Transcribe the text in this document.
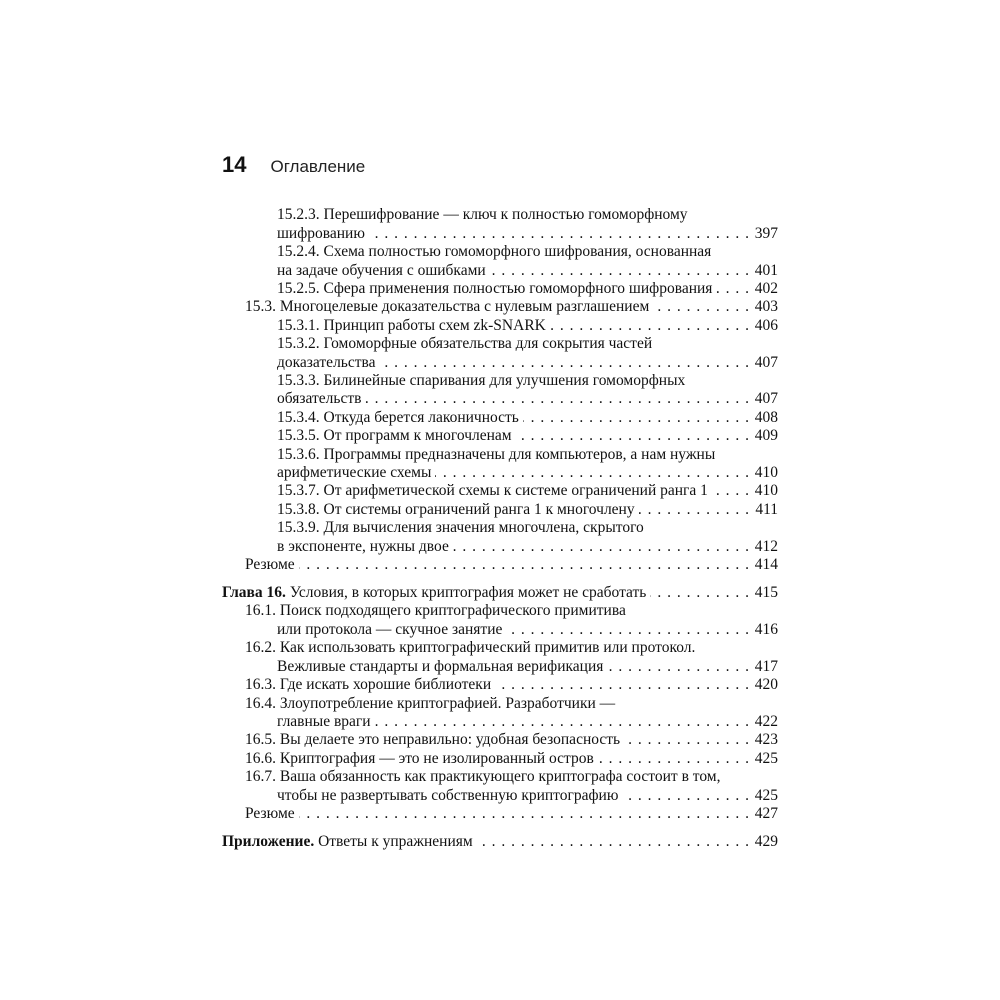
14 Оглавление
15.2.3. Перешифрование — ключ к полностью гомоморфному
шифрованию . . .	397
15.2.4. Схема полностью гомоморфного шифрования, основанная
на задаче обучения с ошибками . . .	401
15.2.5. Сфера применения полностью гомоморфного шифрования . . .	402
15.3. Многоцелевые доказательства с нулевым разглашением . . .	403
15.3.1. Принцип работы схем zk-SNARK . . .	406
15.3.2. Гомоморфные обязательства для сокрытия частей
доказательства . . .	407
15.3.3. Билинейные спаривания для улучшения гомоморфных
обязательств . . .	407
15.3.4. Откуда берется лаконичность . . .	408
15.3.5. От программ к многочленам . . .	409
15.3.6. Программы предназначены для компьютеров, а нам нужны
арифметические схемы . . .	410
15.3.7. От арифметической схемы к системе ограничений ранга 1 . . .	410
15.3.8. От системы ограничений ранга 1 к многочлену . . .	411
15.3.9. Для вычисления значения многочлена, скрытого
в экспоненте, нужны двое . . .	412
Резюме . . .	414
Глава 16. Условия, в которых криптография может не сработать . . .	415
16.1. Поиск подходящего криптографического примитива
или протокола — скучное занятие . . .	416
16.2. Как использовать криптографический примитив или протокол.
Вежливые стандарты и формальная верификация . . .	417
16.3. Где искать хорошие библиотеки . . .	420
16.4. Злоупотребление криптографией. Разработчики —
главные враги . . .	422
16.5. Вы делаете это неправильно: удобная безопасность . . .	423
16.6. Криптография — это не изолированный остров . . .	425
16.7. Ваша обязанность как практикующего криптографа состоит в том,
чтобы не развертывать собственную криптографию . . .	425
Резюме . . .	427
Приложение. Ответы к упражнениям . . .	429
